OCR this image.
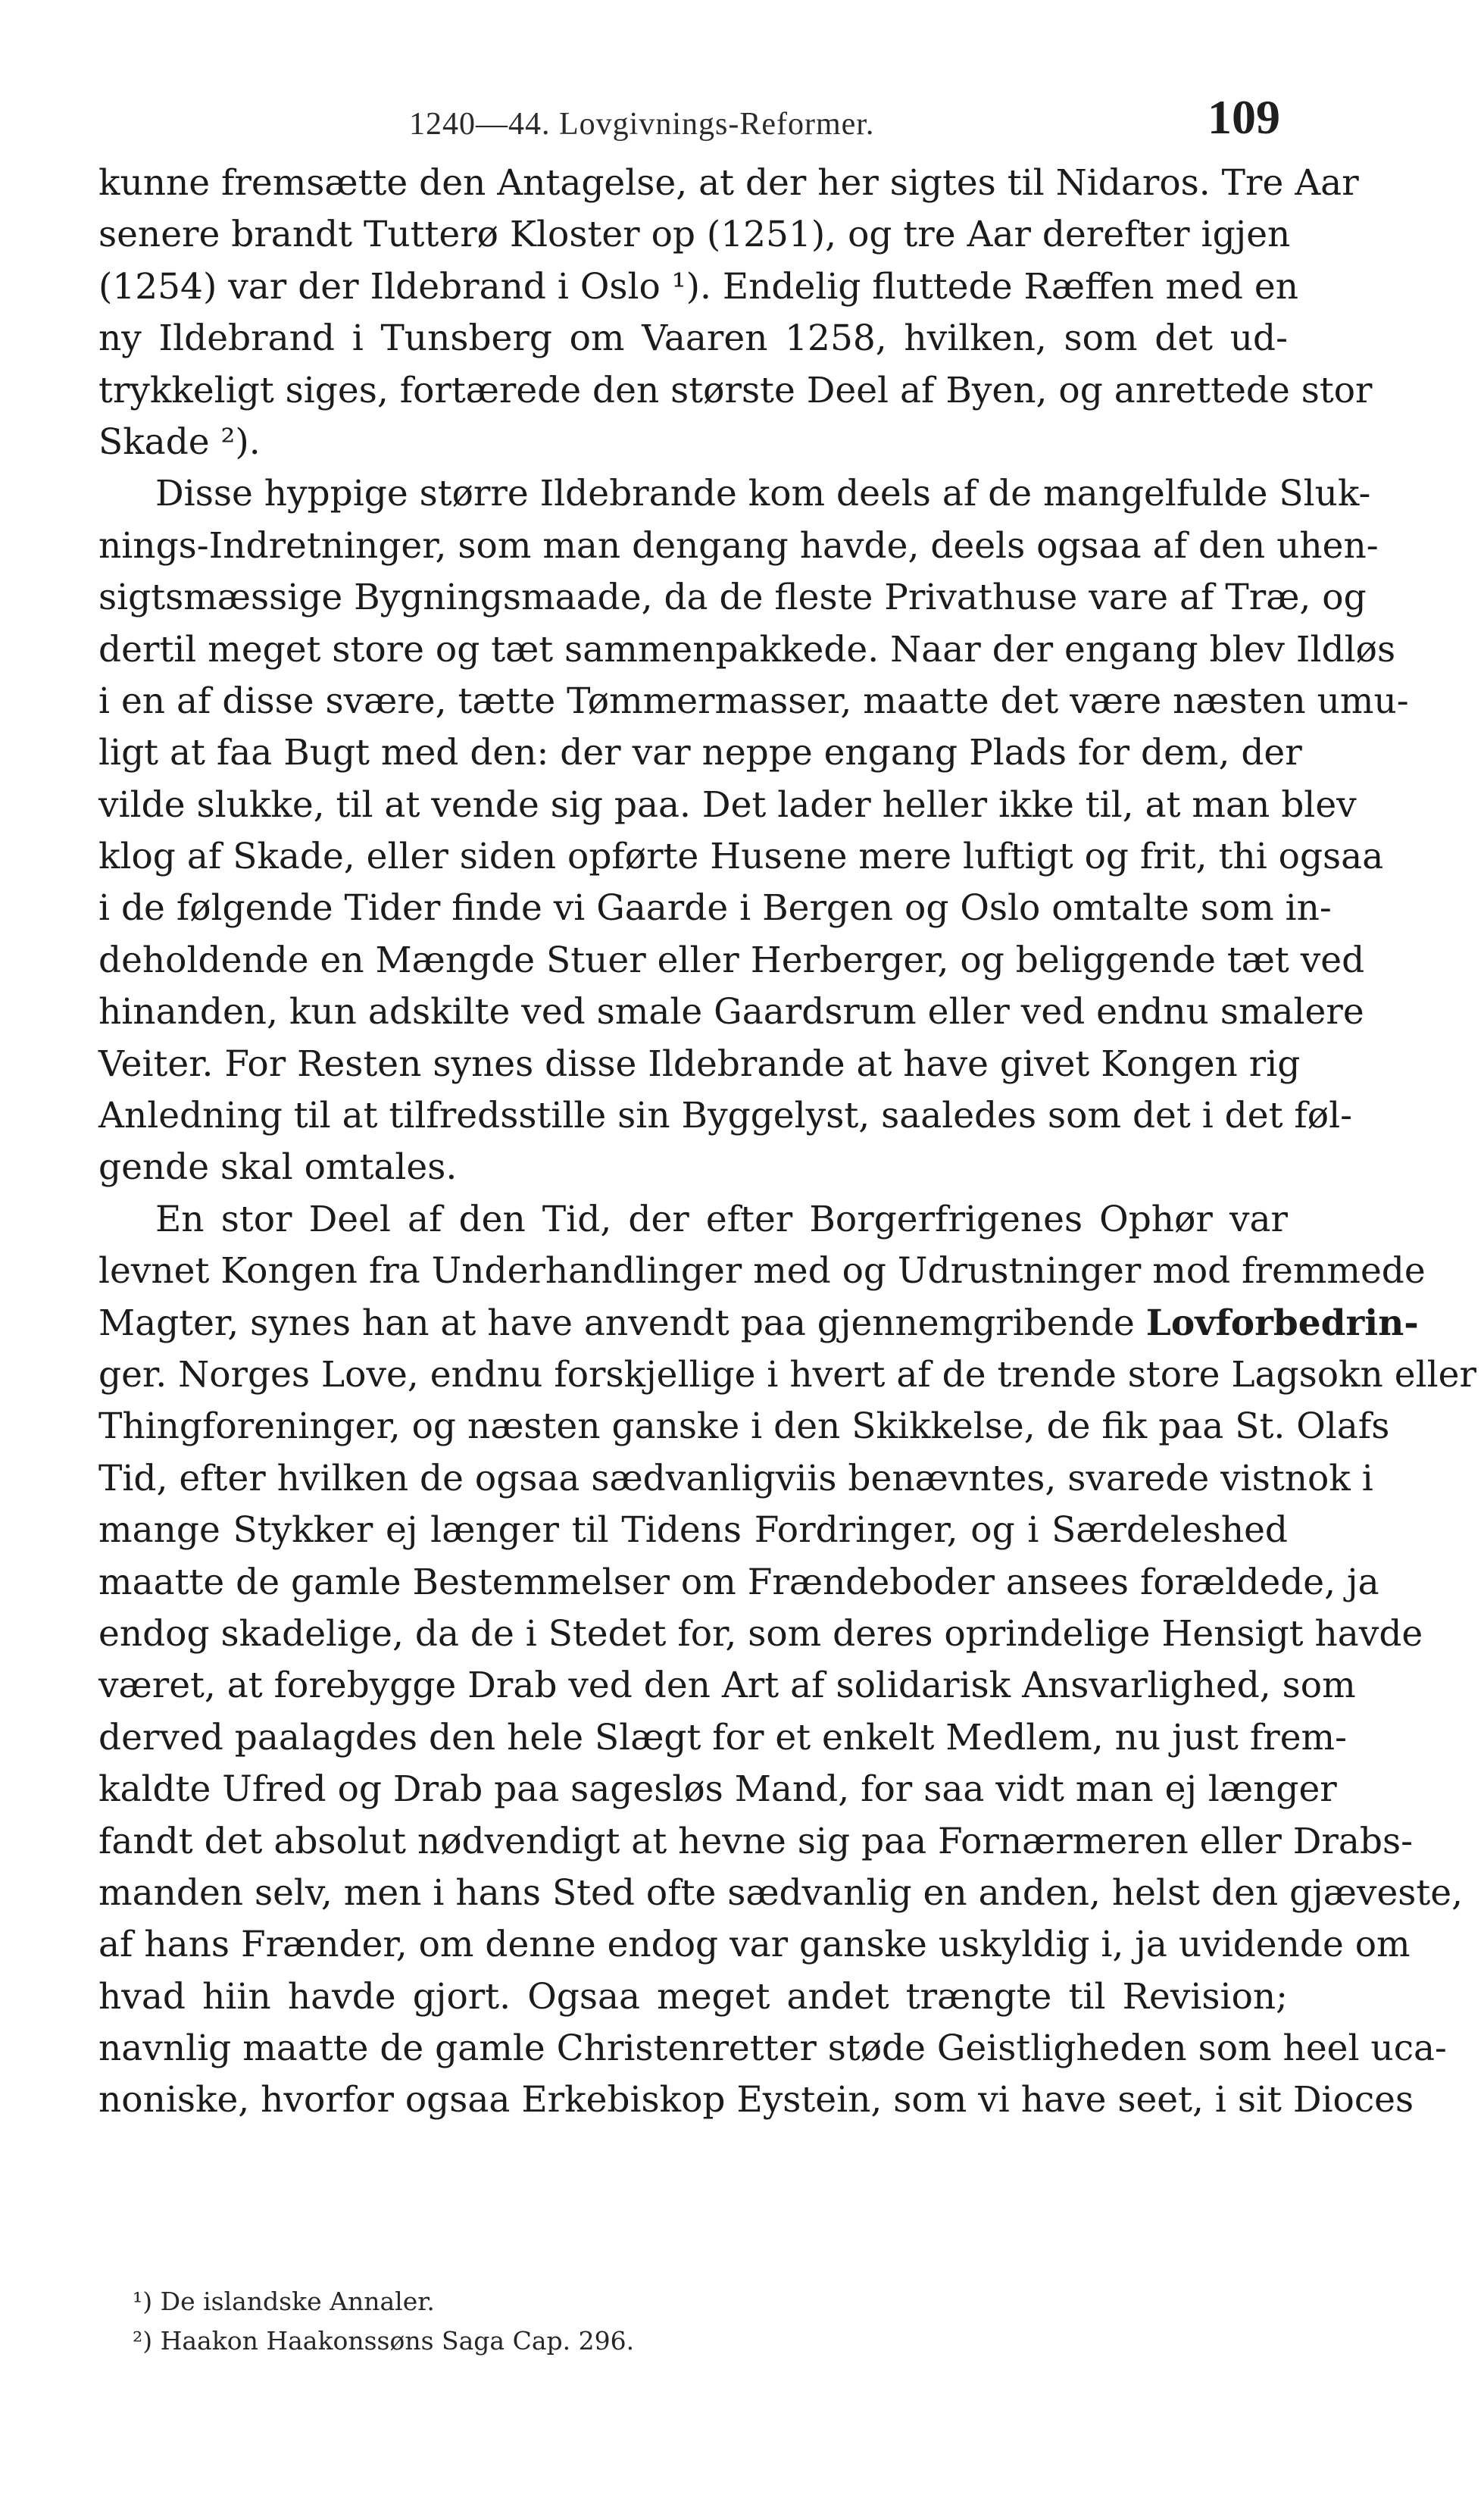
1240—44. Lovgivnings-Reformer.	109
kunne fremsætte den Antagelse, at der her sigtes til Nidaros. Tre Aar
senere brandt Tutterø Kloster op (1251), og tre Aar derefter igjen
(1254) var der Ildebrand i Oslo ¹). Endelig fluttede Ræffen med en
ny Ildebrand i Tunsberg om Vaaren 1258, hvilken, som det ud-
trykkeligt siges, fortærede den største Deel af Byen, og anrettede stor
Skade ²).
Disse hyppige større Ildebrande kom deels af de mangelfulde Sluk-
nings-Indretninger, som man dengang havde, deels ogsaa af den uhen-
sigtsmæssige Bygningsmaade, da de fleste Privathuse vare af Træ, og
dertil meget store og tæt sammenpakkede. Naar der engang blev Ildløs
i en af disse svære, tætte Tømmermasser, maatte det være næsten umu-
ligt at faa Bugt med den: der var neppe engang Plads for dem, der
vilde slukke, til at vende sig paa. Det lader heller ikke til, at man blev
klog af Skade, eller siden opførte Husene mere luftigt og frit, thi ogsaa
i de følgende Tider finde vi Gaarde i Bergen og Oslo omtalte som in-
deholdende en Mængde Stuer eller Herberger, og beliggende tæt ved
hinanden, kun adskilte ved smale Gaardsrum eller ved endnu smalere
Veiter. For Resten synes disse Ildebrande at have givet Kongen rig
Anledning til at tilfredsstille sin Byggelyst, saaledes som det i det føl-
gende skal omtales.
En stor Deel af den Tid, der efter Borgerfrigenes Ophør var
levnet Kongen fra Underhandlinger med og Udrustninger mod fremmede
Magter, synes han at have anvendt paa gjennemgribende Lovforbedrin-
ger. Norges Love, endnu forskjellige i hvert af de trende store Lagsokn eller
Thingforeninger, og næsten ganske i den Skikkelse, de fik paa St. Olafs
Tid, efter hvilken de ogsaa sædvanligviis benævntes, svarede vistnok i
mange Stykker ej længer til Tidens Fordringer, og i Særdeleshed
maatte de gamle Bestemmelser om Frændeboder ansees forældede, ja
endog skadelige, da de i Stedet for, som deres oprindelige Hensigt havde
været, at forebygge Drab ved den Art af solidarisk Ansvarlighed, som
derved paalagdes den hele Slægt for et enkelt Medlem, nu just frem-
kaldte Ufred og Drab paa sagesløs Mand, for saa vidt man ej længer
fandt det absolut nødvendigt at hevne sig paa Fornærmeren eller Drabs-
manden selv, men i hans Sted ofte sædvanlig en anden, helst den gjæveste,
af hans Frænder, om denne endog var ganske uskyldig i, ja uvidende om
hvad hiin havde gjort. Ogsaa meget andet trængte til Revision;
navnlig maatte de gamle Christenretter støde Geistligheden som heel uca-
noniske, hvorfor ogsaa Erkebiskop Eystein, som vi have seet, i sit Dioces
¹) De islandske Annaler.
²) Haakon Haakonssøns Saga Cap. 296.
